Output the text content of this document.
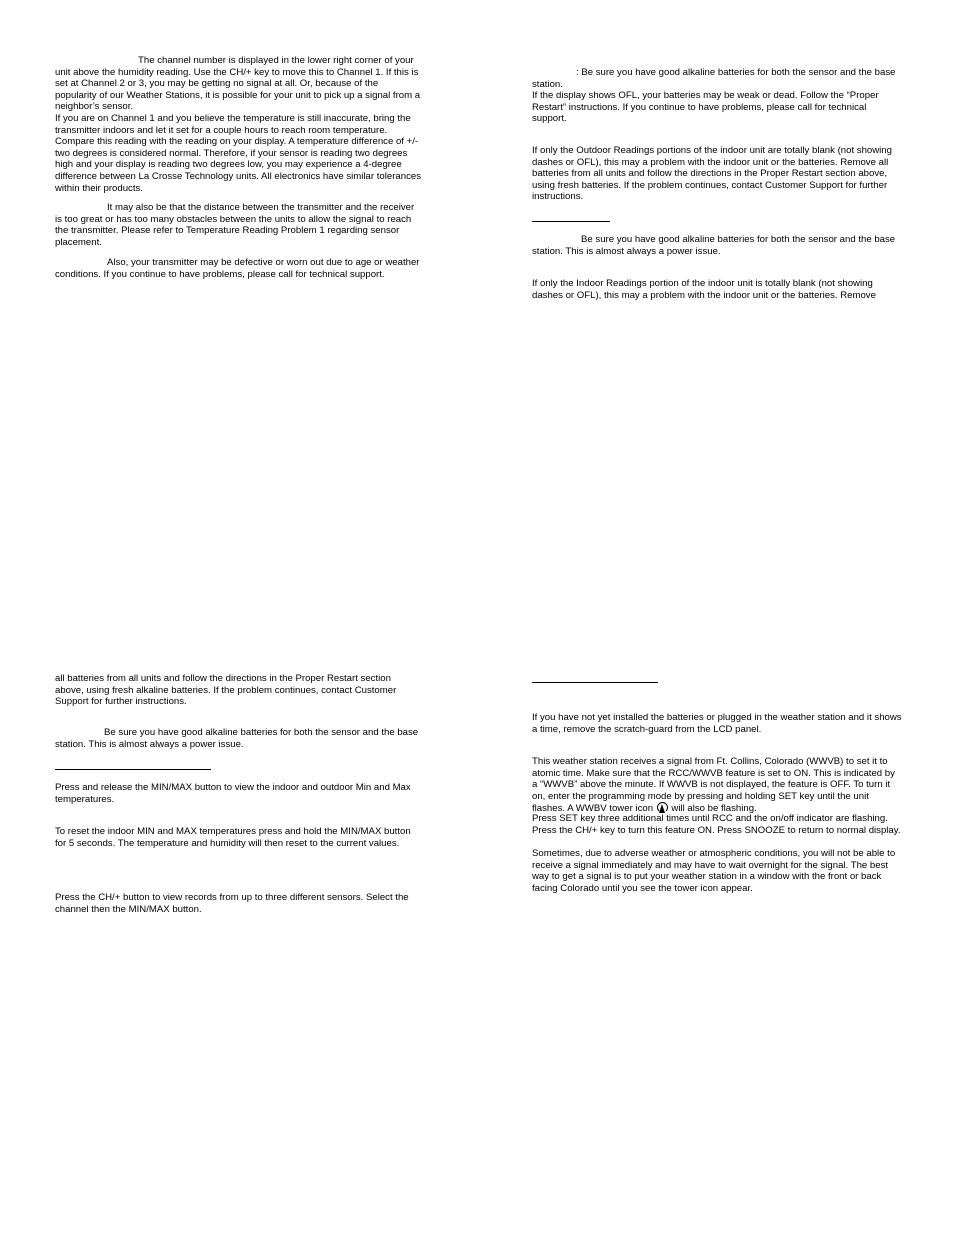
The channel number is displayed in the lower right corner of your unit above the humidity reading. Use the CH/+ key to move this to Channel 1. If this is set at Channel 2 or 3, you may be getting no signal at all. Or, because of the popularity of our Weather Stations, it is possible for your unit to pick up a signal from a neighbor’s sensor.

If you are on Channel 1 and you believe the temperature is still inaccurate, bring the transmitter indoors and let it set for a couple hours to reach room temperature. Compare this reading with the reading on your display. A temperature difference of +/- two degrees is considered normal. Therefore, if your sensor is reading two degrees high and your display is reading two degrees low, you may experience a 4-degree difference between La Crosse Technology units. All electronics have similar tolerances within their products.

It may also be that the distance between the transmitter and the receiver is too great or has too many obstacles between the units to allow the signal to reach the transmitter. Please refer to Temperature Reading Problem 1 regarding sensor placement.

Also, your transmitter may be defective or worn out due to age or weather conditions. If you continue to have problems, please call for technical support.

: Be sure you have good alkaline batteries for both the sensor and the base station.

If the display shows OFL, your batteries may be weak or dead. Follow the “Proper Restart” instructions. If you continue to have problems, please call for technical support.

If only the Outdoor Readings portions of the indoor unit are totally blank (not showing dashes or OFL), this may a problem with the indoor unit or the batteries. Remove all batteries from all units and follow the directions in the Proper Restart section above, using fresh batteries. If the problem continues, contact Customer Support for further instructions.

Be sure you have good alkaline batteries for both the sensor and the base station. This is almost always a power issue.

If only the Indoor Readings portion of the indoor unit is totally blank (not showing dashes or OFL), this may a problem with the indoor unit or the batteries. Remove

all batteries from all units and follow the directions in the Proper Restart section above, using fresh alkaline batteries. If the problem continues, contact Customer Support for further instructions.

Be sure you have good alkaline batteries for both the sensor and the base station. This is almost always a power issue.

Press and release the MIN/MAX button to view the indoor and outdoor Min and Max temperatures.

To reset the indoor MIN and MAX temperatures press and hold the MIN/MAX button for 5 seconds. The temperature and humidity will then reset to the current values.

Press the CH/+ button to view records from up to three different sensors. Select the channel then the MIN/MAX button.

If you have not yet installed the batteries or plugged in the weather station and it shows a time, remove the scratch-guard from the LCD panel.

This weather station receives a signal from Ft. Collins, Colorado (WWVB) to set it to atomic time. Make sure that the RCC/WWVB feature is set to ON. This is indicated by a “WWVB” above the minute. If WWVB is not displayed, the feature is OFF. To turn it on, enter the programming mode by pressing and holding SET key until the unit flashes. A WWBV tower icon will also be flashing.

Press SET key three additional times until RCC and the on/off indicator are flashing. Press the CH/+ key to turn this feature ON. Press SNOOZE to return to normal display.

Sometimes, due to adverse weather or atmospheric conditions, you will not be able to receive a signal immediately and may have to wait overnight for the signal. The best way to get a signal is to put your weather station in a window with the front or back facing Colorado until you see the tower icon appear.
